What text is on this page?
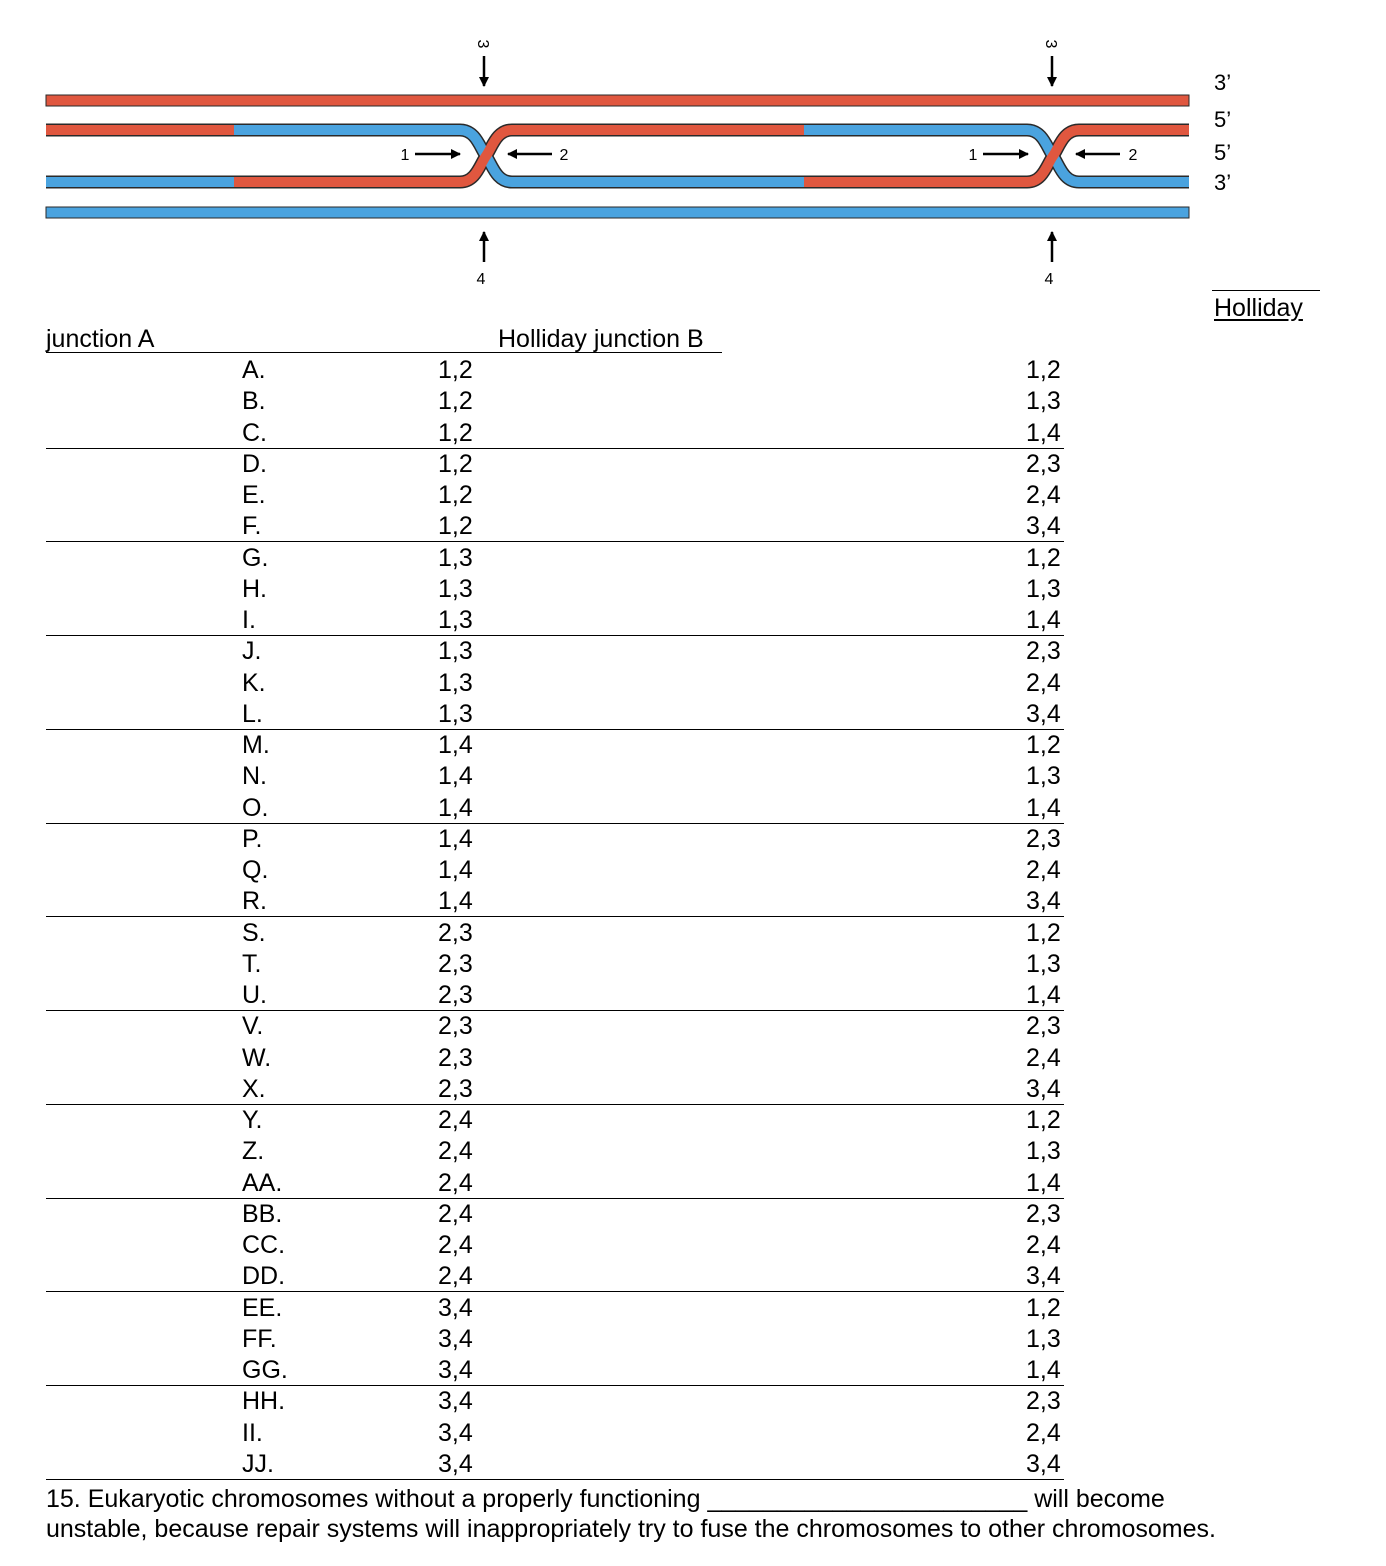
3
4
1	2
3
4
1	2
3’
5’
5’
3’
Holliday
junction A	Holliday junction B
A.	1,2	1,2
B.	1,2	1,3
C.	1,2	1,4
D.	1,2	2,3
E.	1,2	2,4
F.	1,2	3,4
G.	1,3	1,2
H.	1,3	1,3
I.	1,3	1,4
J.	1,3	2,3
K.	1,3	2,4
L.	1,3	3,4
M.	1,4	1,2
N.	1,4	1,3
O.	1,4	1,4
P.	1,4	2,3
Q.	1,4	2,4
R.	1,4	3,4
S.	2,3	1,2
T.	2,3	1,3
U.	2,3	1,4
V.	2,3	2,3
W.	2,3	2,4
X.	2,3	3,4
Y.	2,4	1,2
Z.	2,4	1,3
AA.	2,4	1,4
BB.	2,4	2,3
CC.	2,4	2,4
DD.	2,4	3,4
EE.	3,4	1,2
FF.	3,4	1,3
GG.	3,4	1,4
HH.	3,4	2,3
II.	3,4	2,4
JJ.	3,4	3,4
15. Eukaryotic chromosomes without a properly functioning _______________________ will become
unstable, because repair systems will inappropriately try to fuse the chromosomes to other chromosomes.
